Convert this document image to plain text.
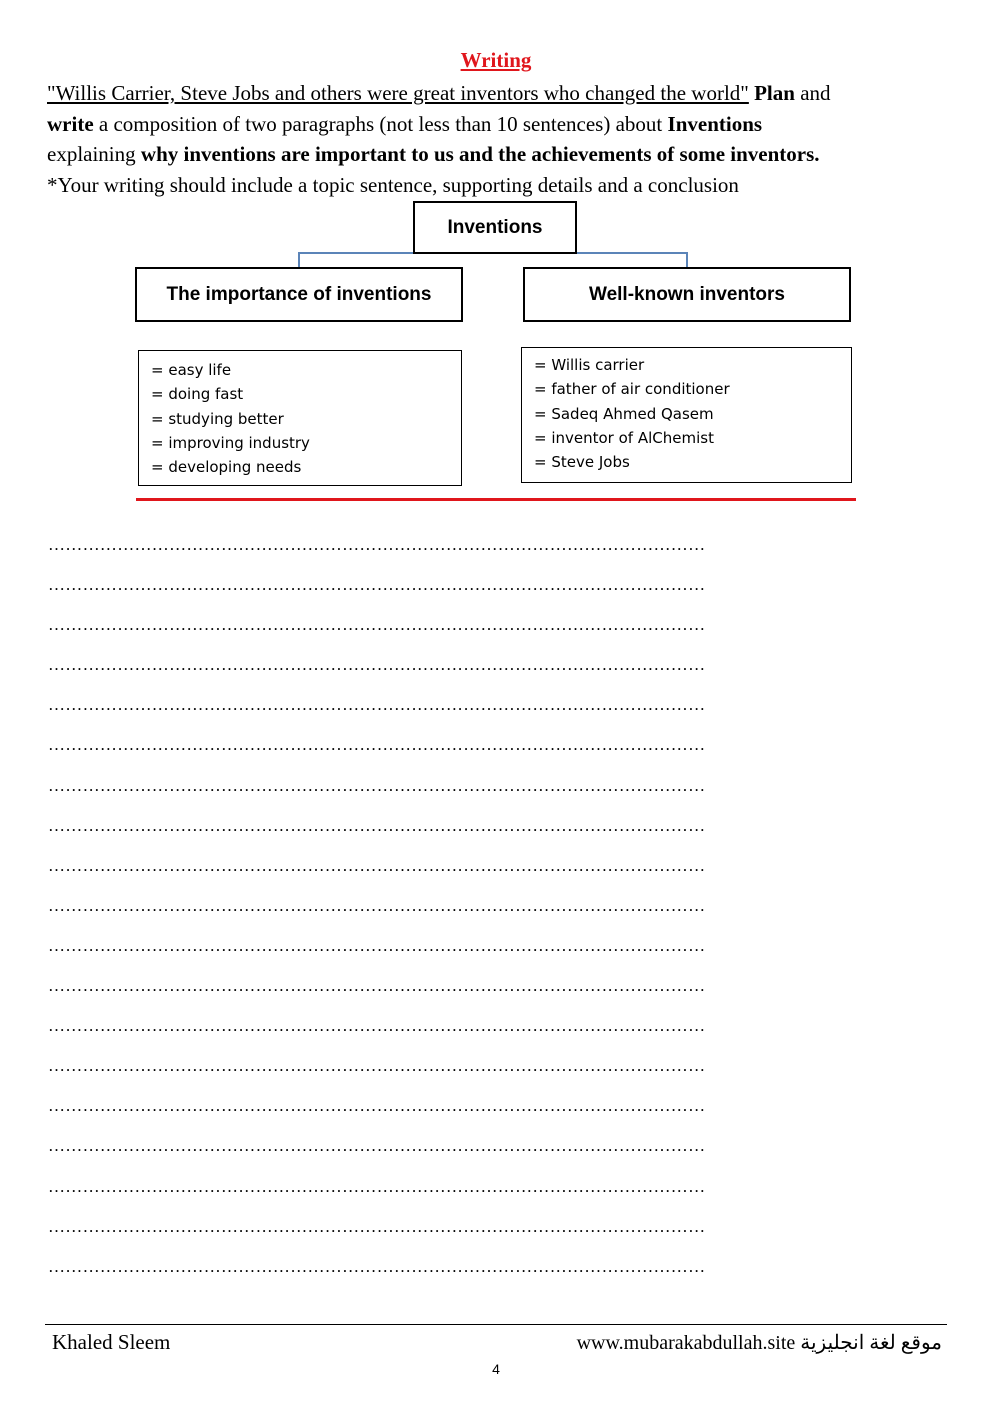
Writing
"Willis Carrier, Steve Jobs and others were great inventors who changed the world" Plan and
write a composition of two paragraphs (not less than 10 sentences) about Inventions
explaining why inventions are important to us and the achievements of some inventors.
*Your writing should include a topic sentence, supporting details and a conclusion
Inventions
The importance of inventions	Well-known inventors
= easy life
= doing fast
= studying better
= improving industry
= developing needs
= Willis carrier
= father of air conditioner
= Sadeq Ahmed Qasem
= inventor of AlChemist
= Steve Jobs
……………………………………………………………………………………………………
……………………………………………………………………………………………………
……………………………………………………………………………………………………
……………………………………………………………………………………………………
……………………………………………………………………………………………………
……………………………………………………………………………………………………
……………………………………………………………………………………………………
……………………………………………………………………………………………………
……………………………………………………………………………………………………
……………………………………………………………………………………………………
……………………………………………………………………………………………………
……………………………………………………………………………………………………
……………………………………………………………………………………………………
……………………………………………………………………………………………………
……………………………………………………………………………………………………
……………………………………………………………………………………………………
……………………………………………………………………………………………………
……………………………………………………………………………………………………
……………………………………………………………………………………………………
Khaled Sleem	www.mubarakabdullah.site موقع لغة انجليزية
4
